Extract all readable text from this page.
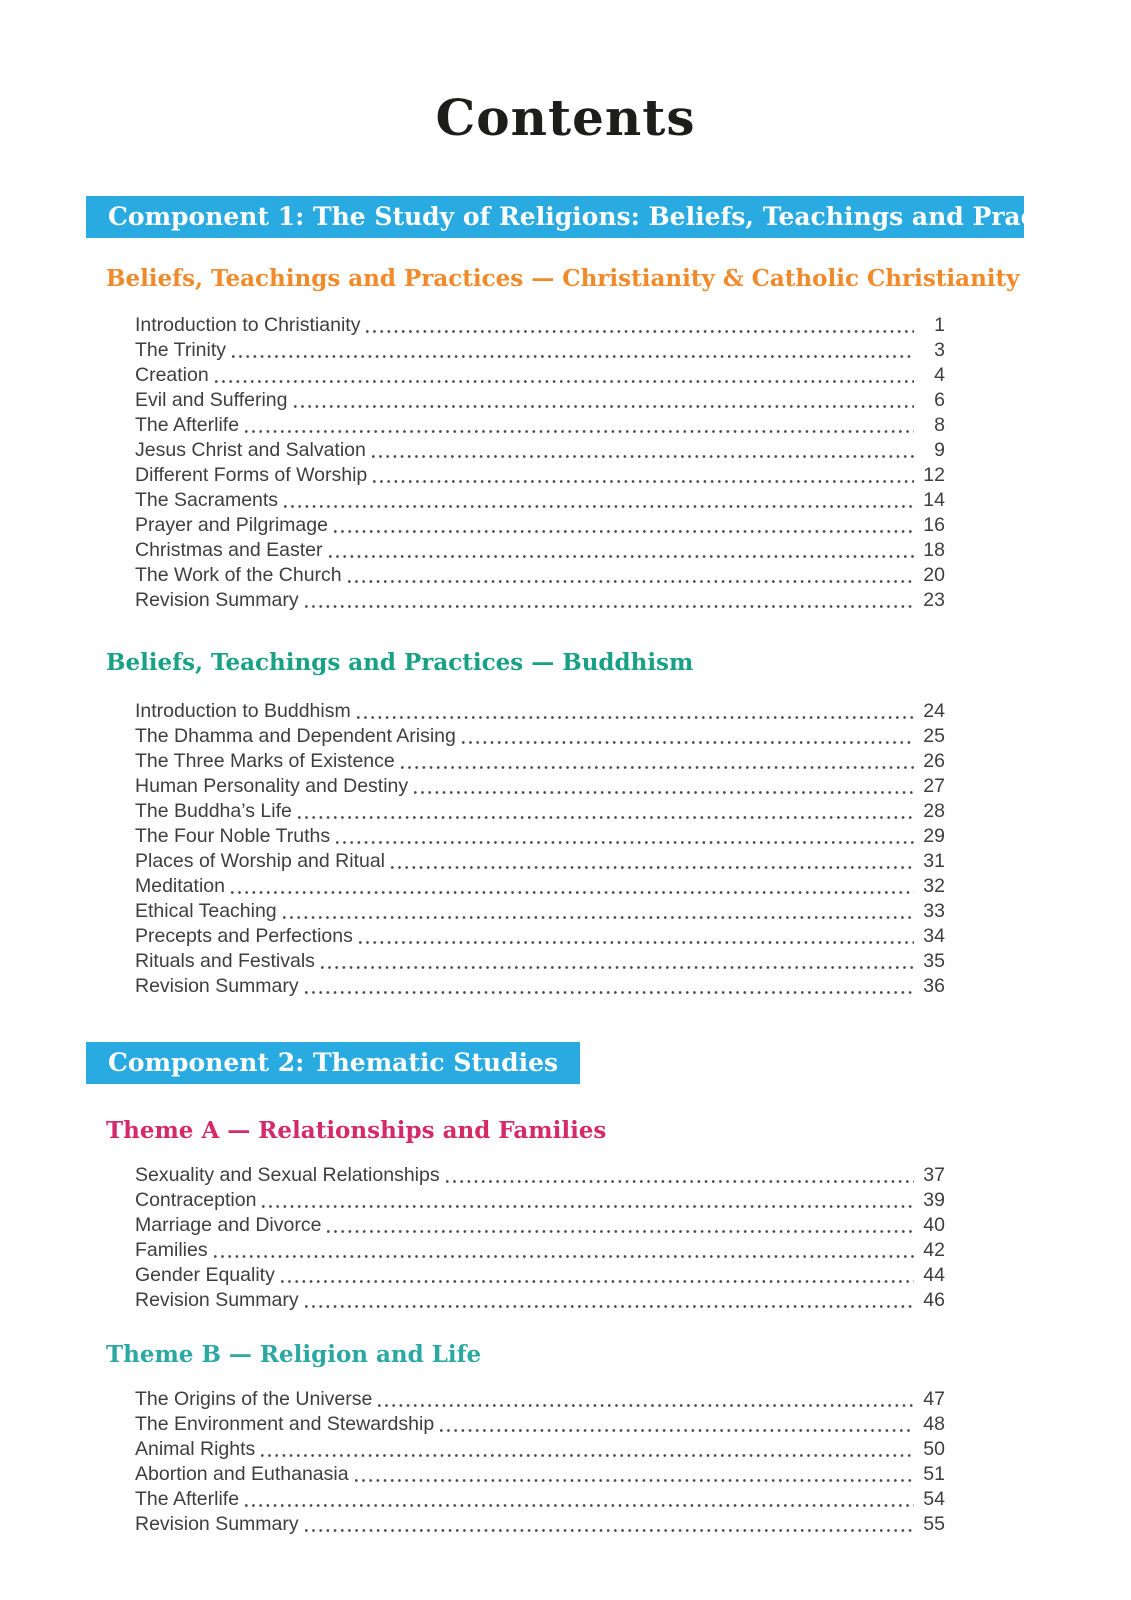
Contents
Component 1: The Study of Religions: Beliefs, Teachings and Practices
Beliefs, Teachings and Practices — Christianity & Catholic Christianity
Introduction to Christianity	1
The Trinity	3
Creation	4
Evil and Suffering	6
The Afterlife	8
Jesus Christ and Salvation	9
Different Forms of Worship	12
The Sacraments	14
Prayer and Pilgrimage	16
Christmas and Easter	18
The Work of the Church	20
Revision Summary	23
Beliefs, Teachings and Practices — Buddhism
Introduction to Buddhism	24
The Dhamma and Dependent Arising	25
The Three Marks of Existence	26
Human Personality and Destiny	27
The Buddha’s Life	28
The Four Noble Truths	29
Places of Worship and Ritual	31
Meditation	32
Ethical Teaching	33
Precepts and Perfections	34
Rituals and Festivals	35
Revision Summary	36
Component 2: Thematic Studies
Theme A — Relationships and Families
Sexuality and Sexual Relationships	37
Contraception	39
Marriage and Divorce	40
Families	42
Gender Equality	44
Revision Summary	46
Theme B — Religion and Life
The Origins of the Universe	47
The Environment and Stewardship	48
Animal Rights	50
Abortion and Euthanasia	51
The Afterlife	54
Revision Summary	55
